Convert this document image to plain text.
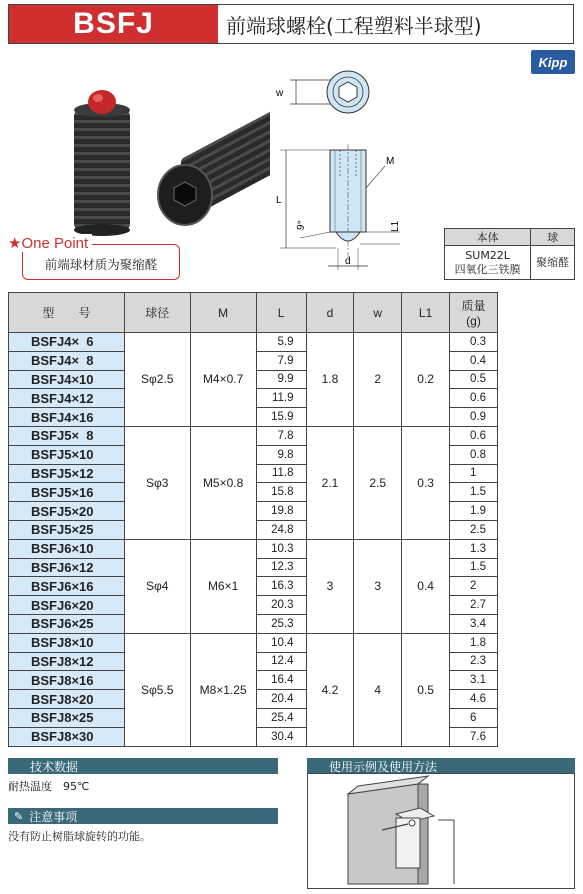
BSFJ	前端球螺栓(工程塑料半球型)
Kipp
前端球材质为聚缩醛
★One Point
w
M
L
9°	L1
d
本体	球

SUM22L
四氧化三铁膜	聚缩醛
型　　号	球径	M	L	d	w	L1	质量
(g)

BSFJ4×  6	Sφ2.5	M4×0.7	5.9	1.8	2	0.2	0.3
BSFJ4×  8			7.9				0.4
BSFJ4×10			9.9				0.5
BSFJ4×12			11.9				0.6
BSFJ4×16			15.9				0.9
BSFJ5×  8	Sφ3	M5×0.8	7.8	2.1	2.5	0.3	0.6
BSFJ5×10			9.8				0.8
BSFJ5×12			11.8				1
BSFJ5×16			15.8				1.5
BSFJ5×20			19.8				1.9
BSFJ5×25			24.8				2.5
BSFJ6×10	Sφ4	M6×1	10.3	3	3	0.4	1.3
BSFJ6×12			12.3				1.5
BSFJ6×16			16.3				2
BSFJ6×20			20.3				2.7
BSFJ6×25			25.3				3.4
BSFJ8×10	Sφ5.5	M8×1.25	10.4	4.2	4	0.5	1.8
BSFJ8×12			12.4				2.3
BSFJ8×16			16.4				3.1
BSFJ8×20			20.4				4.6
BSFJ8×25			25.4				6
BSFJ8×30			30.4				7.6
技术数据
耐热温度　95℃
✎ 注意事项
没有防止树脂球旋转的功能。
使用示例及使用方法
